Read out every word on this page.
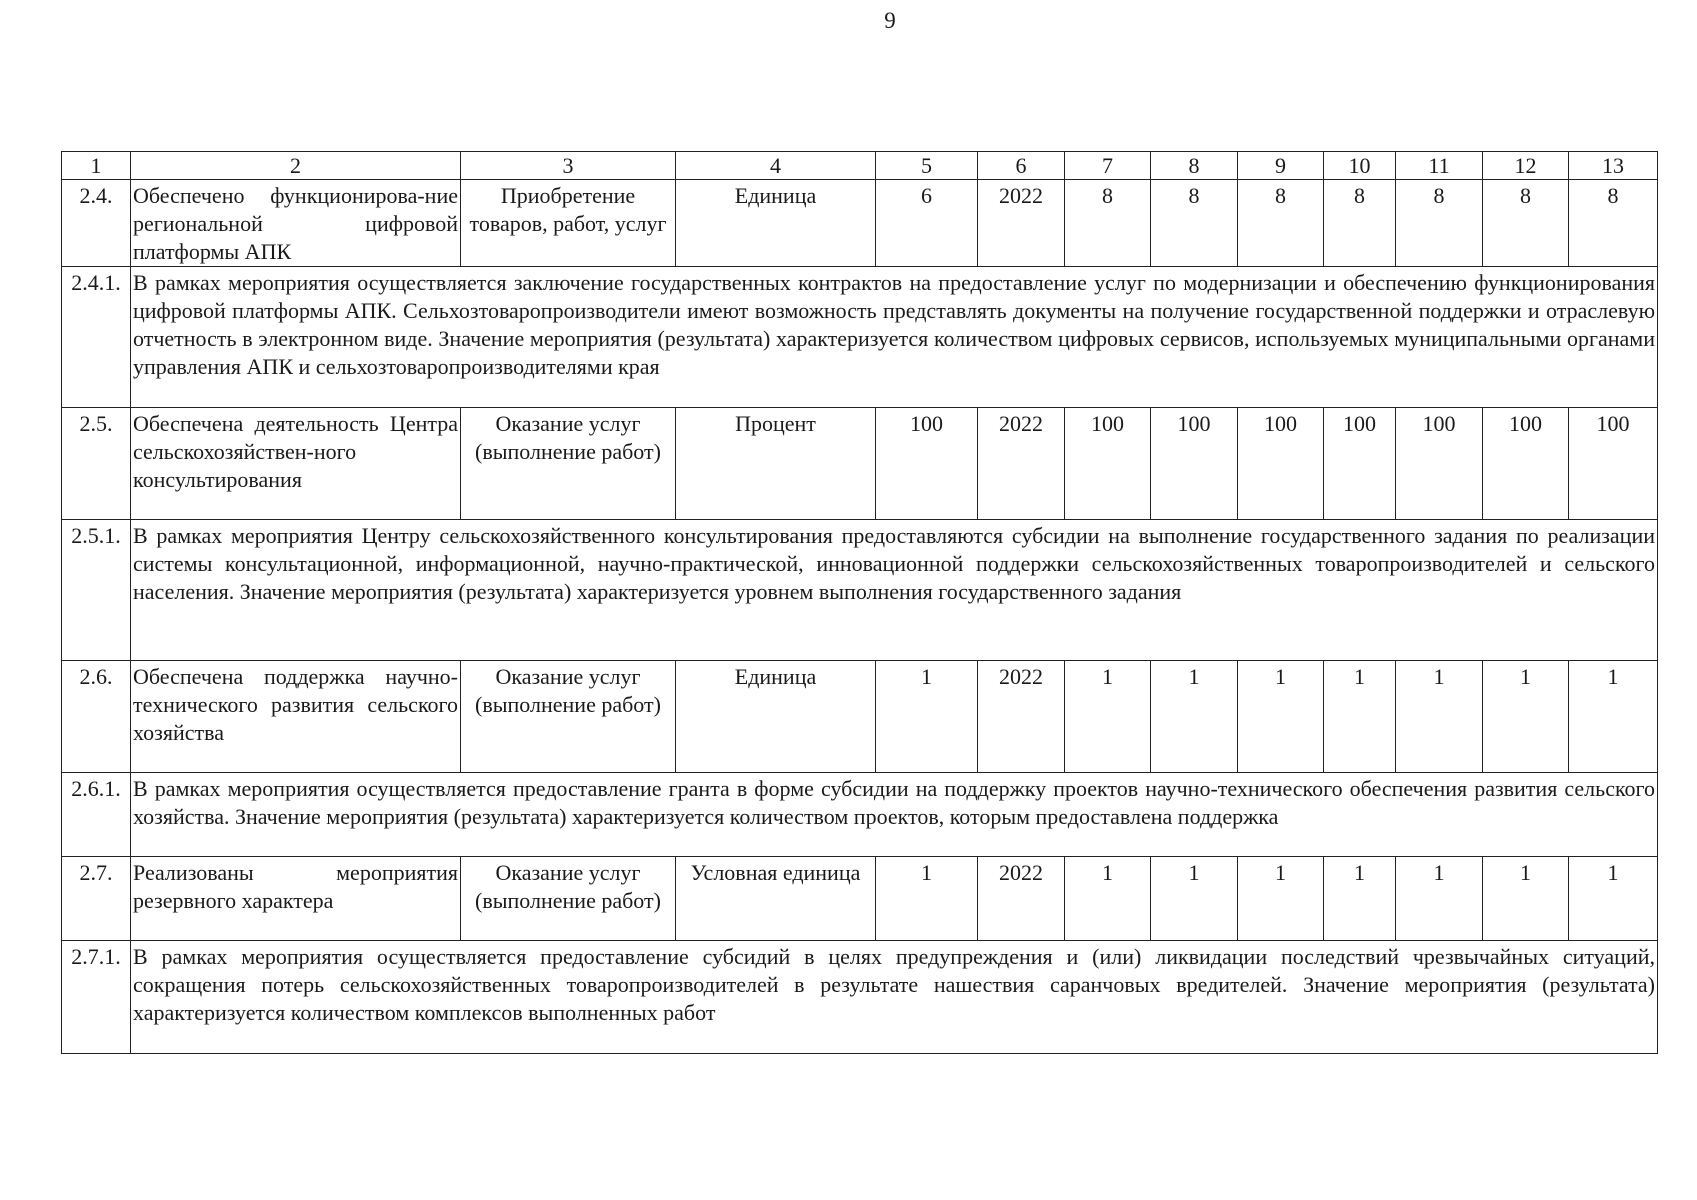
9
1	2	3	4	5	6	7	8	9	10	11	12	13
2.4.	Обеспечено функционирова-ние региональной цифровой платформы АПК	Приобретение товаров, работ, услуг	Единица	6	2022	8	8	8	8	8	8	8
2.4.1.	В рамках мероприятия осуществляется заключение государственных контрактов на предоставление услуг по модернизации и обеспечению функционирования цифровой платформы АПК. Сельхозтоваропроизводители имеют возможность представлять документы на получение государственной поддержки и отраслевую отчетность в электронном виде. Значение мероприятия (результата) характеризуется количеством цифровых сервисов, используемых муниципальными органами управления АПК и сельхозтоваропроизводителями края											
2.5.	Обеспечена деятельность Центра сельскохозяйствен-ного консультирования	Оказание услуг (выполнение работ)	Процент	100	2022	100	100	100	100	100	100	100
2.5.1.	В рамках мероприятия Центру сельскохозяйственного консультирования предоставляются субсидии на выполнение государственного задания по реализации системы консультационной, информационной, научно-практической, инновационной поддержки сельскохозяйственных товаропроизводителей и сельского населения. Значение мероприятия (результата) характеризуется уровнем выполнения государственного задания											
2.6.	Обеспечена поддержка научно-технического развития сельского хозяйства	Оказание услуг (выполнение работ)	Единица	1	2022	1	1	1	1	1	1	1
2.6.1.	В рамках мероприятия осуществляется предоставление гранта в форме субсидии на поддержку проектов научно-технического обеспечения развития сельского хозяйства. Значение мероприятия (результата) характеризуется количеством проектов, которым предоставлена поддержка											
2.7.	Реализованы мероприятия резервного характера	Оказание услуг (выполнение работ)	Условная единица	1	2022	1	1	1	1	1	1	1
2.7.1.	В рамках мероприятия осуществляется предоставление субсидий в целях предупреждения и (или) ликвидации последствий чрезвычайных ситуаций, сокращения потерь сельскохозяйственных товаропроизводителей в результате нашествия саранчовых вредителей. Значение мероприятия (результата) характеризуется количеством комплексов выполненных работ											
